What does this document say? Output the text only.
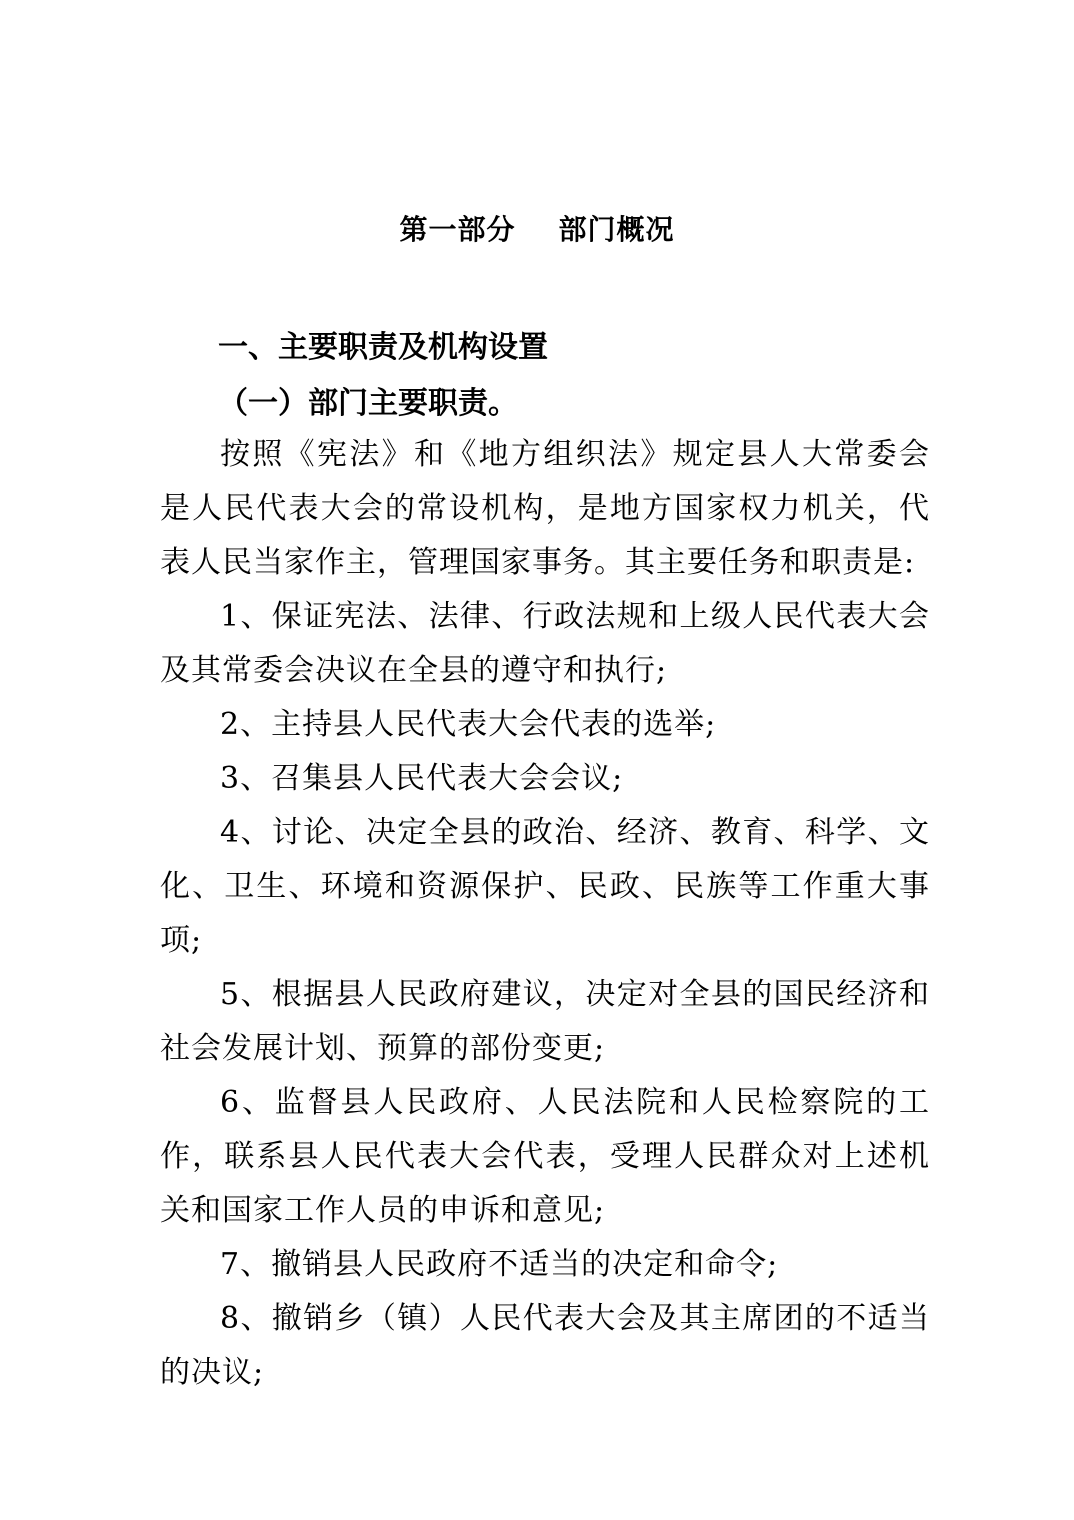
第一部分    部门概况
一、主要职责及机构设置
（一）部门主要职责。

按照《宪法》和《地方组织法》规定县人大常委会是人民代表大会的常设机构，是地方国家权力机关，代表人民当家作主，管理国家事务。其主要任务和职责是:

1、保证宪法、法律、行政法规和上级人民代表大会及其常委会决议在全县的遵守和执行;

2、主持县人民代表大会代表的选举;

3、召集县人民代表大会会议;

4、讨论、决定全县的政治、经济、教育、科学、文化、卫生、环境和资源保护、民政、民族等工作重大事项;

5、根据县人民政府建议，决定对全县的国民经济和社会发展计划、预算的部份变更;

6、监督县人民政府、人民法院和人民检察院的工作，联系县人民代表大会代表，受理人民群众对上述机关和国家工作人员的申诉和意见;

7、撤销县人民政府不适当的决定和命令;

8、撤销乡（镇）人民代表大会及其主席团的不适当的决议;
